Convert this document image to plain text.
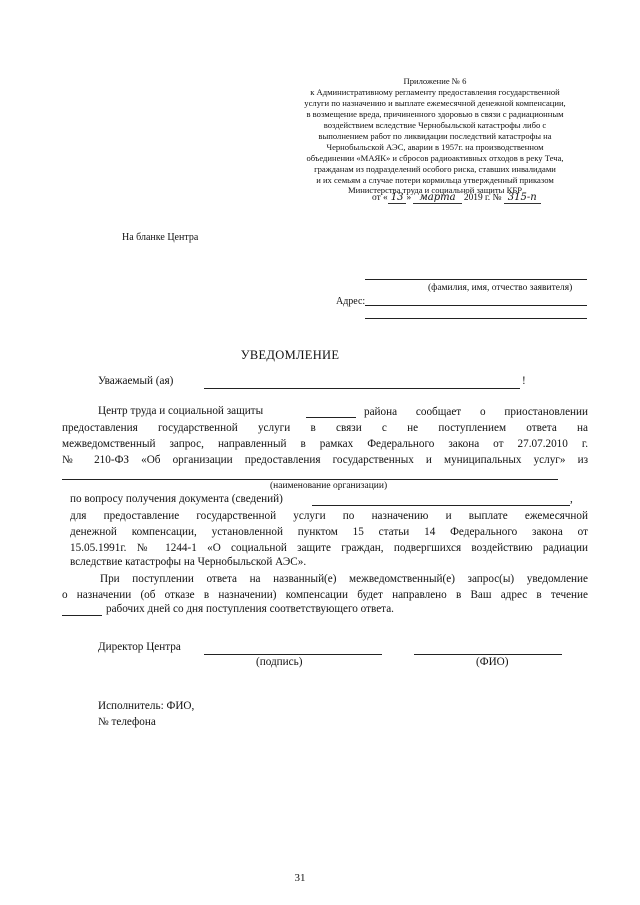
Приложение № 6
к Административному регламенту предоставления государственной
услуги по назначению и выплате ежемесячной денежной компенсации,
в возмещение вреда, причиненного здоровью в связи с радиационным
воздействием вследствие Чернобыльской катастрофы либо с
выполнением работ по ликвидации последствий катастрофы на
Чернобыльской АЭС, аварии в 1957г. на производственном
объединении «МАЯК» и сбросов радиоактивных отходов в реку Теча,
гражданам из подразделений особого риска, ставших инвалидами
и их семьям а случае потери кормильца утвержденный приказом
Министерства труда и социальной защиты КБР
от « 13 » марта 2019 г. № 315-п
На бланке Центра
(фамилия, имя, отчество заявителя)
Адрес:
УВЕДОМЛЕНИЕ
Уважаемый (ая)	!
Центр труда и социальной защиты	района сообщает о приостановлении
предоставления государственной услуги в связи с не поступлением ответа на
межведомственный запрос, направленный в рамках Федерального закона от 27.07.2010 г.
№ 210-ФЗ «Об организации предоставления государственных и муниципальных услуг» из
(наименование организации)
по вопросу получения документа (сведений)	,
для предоставление государственной услуги по назначению и выплате ежемесячной
денежной компенсации, установленной пунктом 15 статьи 14 Федерального закона от
15.05.1991г. № 1244-1 «О социальной защите граждан, подвергшихся воздействию радиации
вследствие катастрофы на Чернобыльской АЭС».
При поступлении ответа на названный(е) межведомственный(е) запрос(ы) уведомление
о назначении (об отказе в назначении) компенсации будет направлено в Ваш адрес в течение
рабочих дней со дня поступления соответствующего ответа.
Директор Центра
(подпись)	(ФИО)
Исполнитель: ФИО,
№ телефона
31
